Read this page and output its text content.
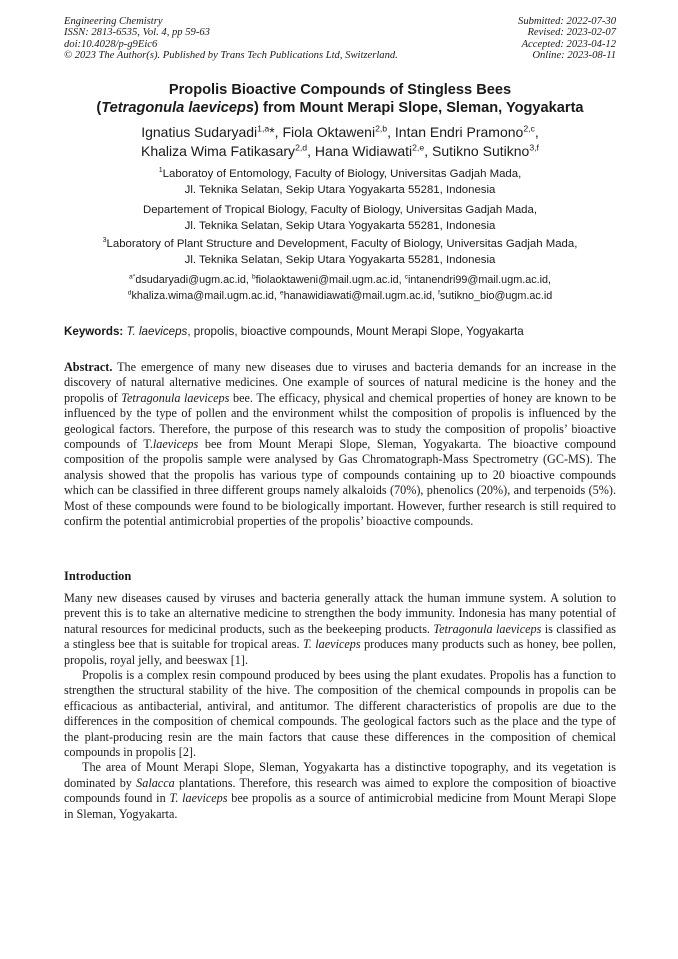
Engineering Chemistry
ISSN: 2813-6535, Vol. 4, pp 59-63
doi:10.4028/p-g9Eic6
© 2023 The Author(s). Published by Trans Tech Publications Ltd, Switzerland.
Submitted: 2022-07-30
Revised: 2023-02-07
Accepted: 2023-04-12
Online: 2023-08-11
Propolis Bioactive Compounds of Stingless Bees
(Tetragonula laeviceps) from Mount Merapi Slope, Sleman, Yogyakarta
Ignatius Sudaryadi$^{1,a}$*, Fiola Oktaweni$^{2,b}$, Intan Endri Pramono$^{2,c}$,
Khaliza Wima Fatikasary$^{2,d}$, Hana Widiawati$^{2,e}$, Sutikno Sutikno$^{3,f}$
$^1$Laboratoy of Entomology, Faculty of Biology, Universitas Gadjah Mada,
Jl. Teknika Selatan, Sekip Utara Yogyakarta 55281, Indonesia
Departement of Tropical Biology, Faculty of Biology, Universitas Gadjah Mada,
Jl. Teknika Selatan, Sekip Utara Yogyakarta 55281, Indonesia
$^3$Laboratory of Plant Structure and Development, Faculty of Biology, Universitas Gadjah Mada,
Jl. Teknika Selatan, Sekip Utara Yogyakarta 55281, Indonesia
$^{a*}$dsudaryadi@ugm.ac.id, $^b$fiolaoktaweni@mail.ugm.ac.id, $^c$intanendri99@mail.ugm.ac.id,
$^d$khaliza.wima@mail.ugm.ac.id, $^e$hanawidiawati@mail.ugm.ac.id, $^f$sutikno_bio@ugm.ac.id
Keywords: T. laeviceps, propolis, bioactive compounds, Mount Merapi Slope, Yogyakarta

Abstract. The emergence of many new diseases due to viruses and bacteria demands for an increase in the discovery of natural alternative medicines. One example of sources of natural medicine is the honey and the propolis of Tetragonula laeviceps bee. The efficacy, physical and chemical properties of honey are known to be influenced by the type of pollen and the environment whilst the composition of propolis is influenced by the geological factors. Therefore, the purpose of this research was to study the composition of propolis’ bioactive compounds of T.laeviceps bee from Mount Merapi Slope, Sleman, Yogyakarta. The bioactive compound composition of the propolis sample were analysed by Gas Chromatograph-Mass Spectrometry (GC-MS). The analysis showed that the propolis has various type of compounds containing up to 20 bioactive compounds which can be classified in three different groups namely alkaloids (70%), phenolics (20%), and terpenoids (5%). Most of these compounds were found to be biologically important. However, further research is still required to confirm the potential antimicrobial properties of the propolis’ bioactive compounds.

Introduction

Many new diseases caused by viruses and bacteria generally attack the human immune system. A solution to prevent this is to take an alternative medicine to strengthen the body immunity. Indonesia has many potential of natural resources for medicinal products, such as the beekeeping products. Tetragonula laeviceps is classified as a stingless bee that is suitable for tropical areas. T. laeviceps produces many products such as honey, bee pollen, propolis, royal jelly, and beeswax [1].

Propolis is a complex resin compound produced by bees using the plant exudates. Propolis has a function to strengthen the structural stability of the hive. The composition of the chemical compounds in propolis can be efficacious as antibacterial, antiviral, and antitumor. The different characteristics of propolis are due to the differences in the composition of chemical compounds. The geological factors such as the place and the type of the plant-producing resin are the main factors that cause these differences in the composition of chemical compounds in propolis [2].

The area of Mount Merapi Slope, Sleman, Yogyakarta has a distinctive topography, and its vegetation is dominated by Salacca plantations. Therefore, this research was aimed to explore the composition of bioactive compounds found in T. laeviceps bee propolis as a source of antimicrobial medicine from Mount Merapi Slope in Sleman, Yogyakarta.
